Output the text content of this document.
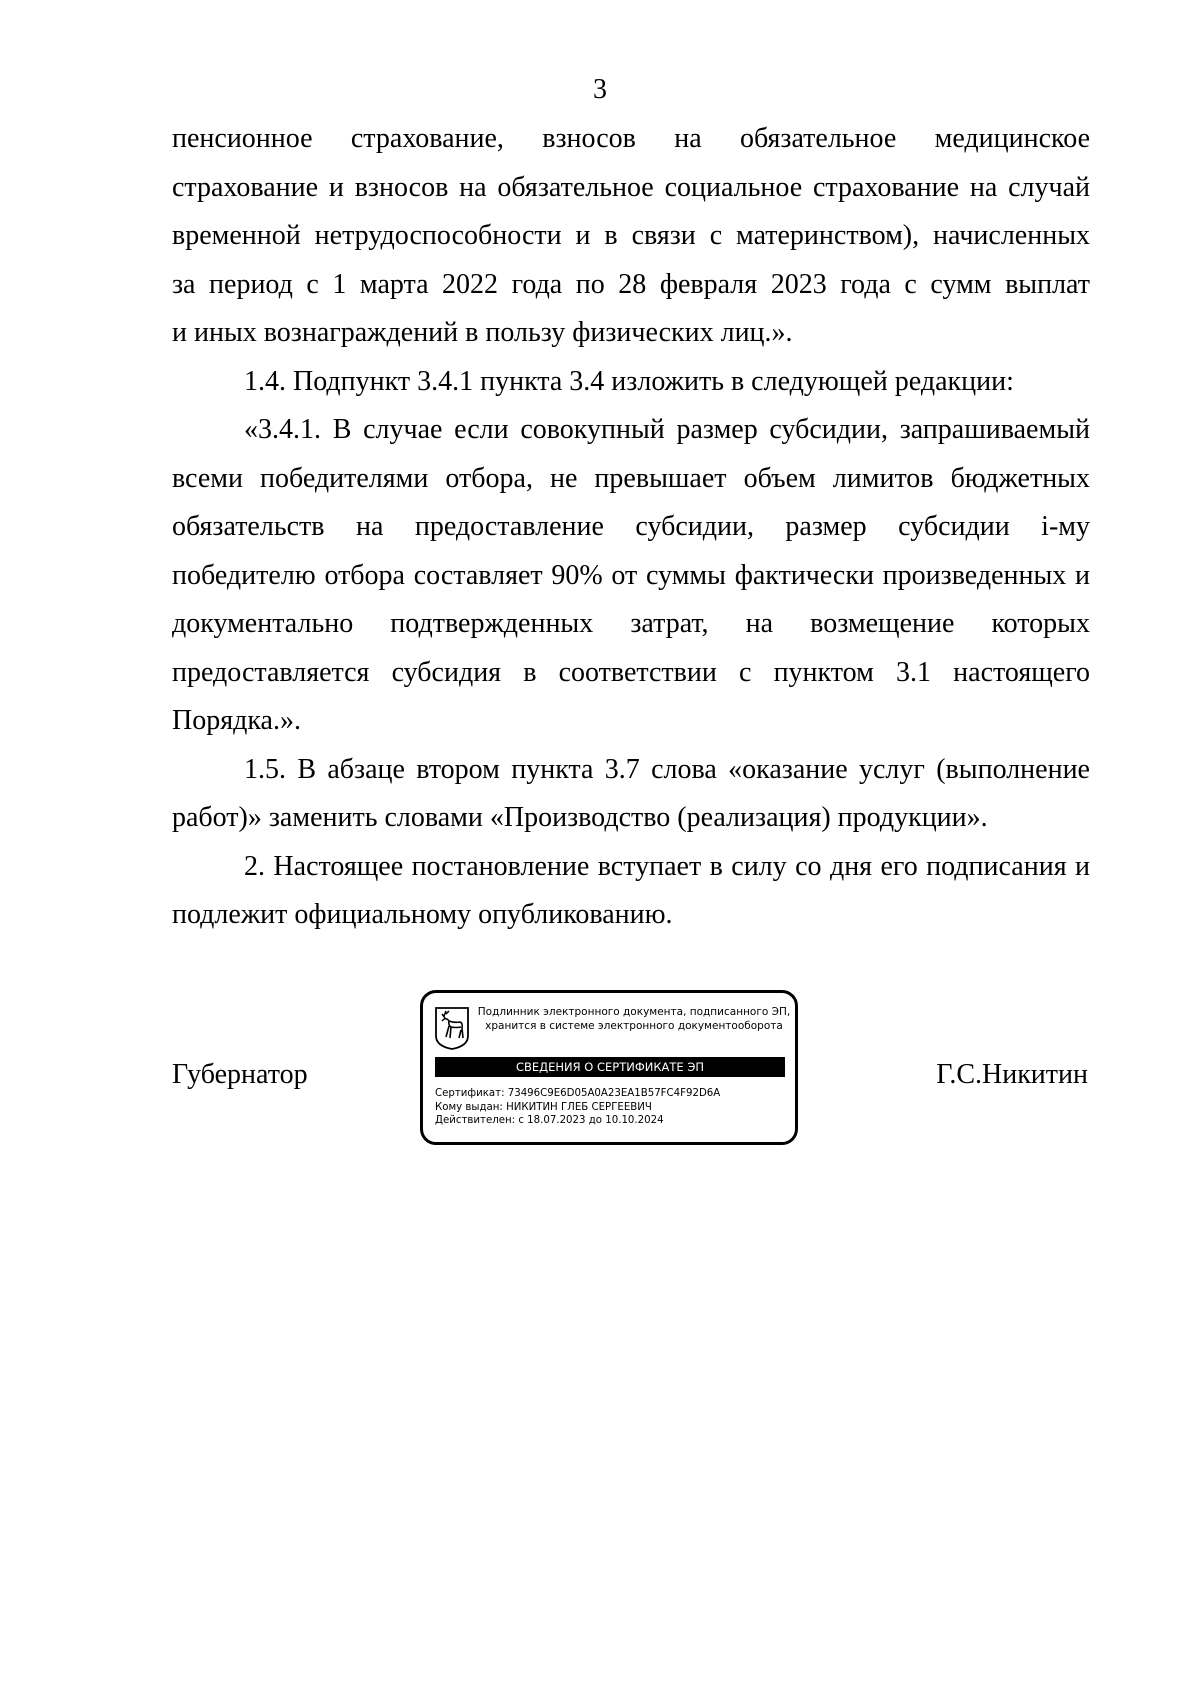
3

пенсионное страхование, взносов на обязательное медицинское

страхование и взносов на обязательное социальное страхование на случай

временной нетрудоспособности и в связи с материнством), начисленных

за период с 1 марта 2022 года по 28 февраля 2023 года с сумм выплат

и иных вознаграждений в пользу физических лиц.».

1.4. Подпункт 3.4.1 пункта 3.4 изложить в следующей редакции:

«3.4.1. В случае если совокупный размер субсидии, запрашиваемый всеми победителями отбора, не превышает объем лимитов бюджетных обязательств на предоставление субсидии, размер субсидии i-му победителю отбора составляет 90% от суммы фактически произведенных и документально подтвержденных затрат, на возмещение которых предоставляется субсидия в соответствии с пунктом 3.1 настоящего Порядка.».

1.5. В абзаце втором пункта 3.7 слова «оказание услуг (выполнение работ)» заменить словами «Производство (реализация) продукции».

2. Настоящее постановление вступает в силу со дня его подписания и подлежит официальному опубликованию.

Губернатор	Г.С.Никитин
Подлинник электронного документа, подписанного ЭП,
хранится в системе электронного документооборота
СВЕДЕНИЯ О СЕРТИФИКАТЕ ЭП
Сертификат: 73496C9E6D05A0A23EA1B57FC4F92D6A
Кому выдан: НИКИТИН ГЛЕБ СЕРГЕЕВИЧ
Действителен: с 18.07.2023 до 10.10.2024
